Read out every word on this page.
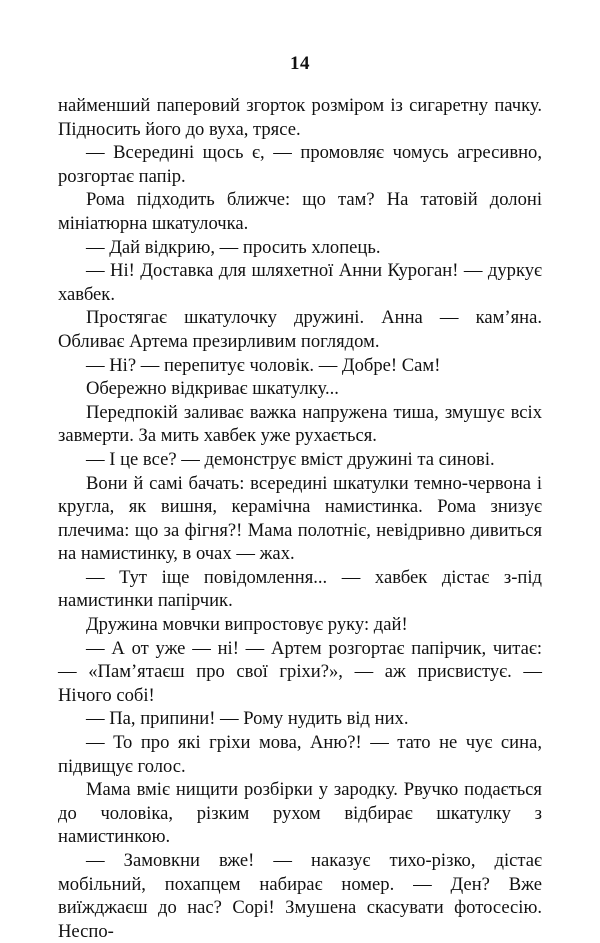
14

найменший паперовий згорток розміром із сигаретну пачку. Підносить його до вуха, трясе.

— Всередині щось є, — промовляє чомусь агресивно, розгортає папір.

Рома підходить ближче: що там? На татовій долоні мініатюрна шкатулочка.

— Дай відкрию, — просить хлопець.

— Ні! Доставка для шляхетної Анни Куроган! — дуркує хавбек.

Простягає шкатулочку дружині. Анна — кам’яна. Обливає Артема презирливим поглядом.

— Ні? — перепитує чоловік. — Добре! Сам!

Обережно відкриває шкатулку...

Передпокій заливає важка напружена тиша, змушує всіх завмерти. За мить хавбек уже рухається.

— І це все? — демонструє вміст дружині та синові.

Вони й самі бачать: всередині шкатулки темно-червона і кругла, як вишня, керамічна намистинка. Рома знизує плечима: що за фігня?! Мама полотніє, невідривно дивиться на намистинку, в очах — жах.

— Тут іще повідомлення... — хавбек дістає з-під намистинки папірчик.

Дружина мовчки випростовує руку: дай!

— А от уже — ні! — Артем розгортає папірчик, читає: — «Пам’ятаєш про свої гріхи?», — аж присвистує. — Нічого собі!

— Па, припини! — Рому нудить від них.

— То про які гріхи мова, Аню?! — тато не чує сина, підвищує голос.

Мама вміє нищити розбірки у зародку. Рвучко подається до чоловіка, різким рухом відбирає шкатулку з намистинкою.

— Замовкни вже! — наказує тихо-різко, дістає мобільний, похапцем набирає номер. — Ден? Вже виїжджаєш до нас? Сорі! Змушена скасувати фотосесію. Неспо-
